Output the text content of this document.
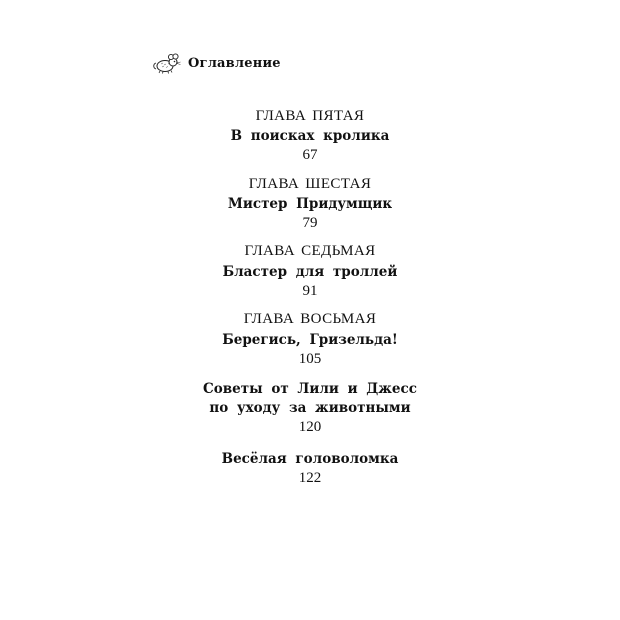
Оглавление
ГЛАВА ПЯТАЯ
В поисках кролика
67
ГЛАВА ШЕСТАЯ
Мистер Придумщик
79
ГЛАВА СЕДЬМАЯ
Бластер для троллей
91
ГЛАВА ВОСЬМАЯ
Берегись, Гризельда!
105
Советы от Лили и Джесс
по уходу за животными
120
Весёлая головоломка
122
